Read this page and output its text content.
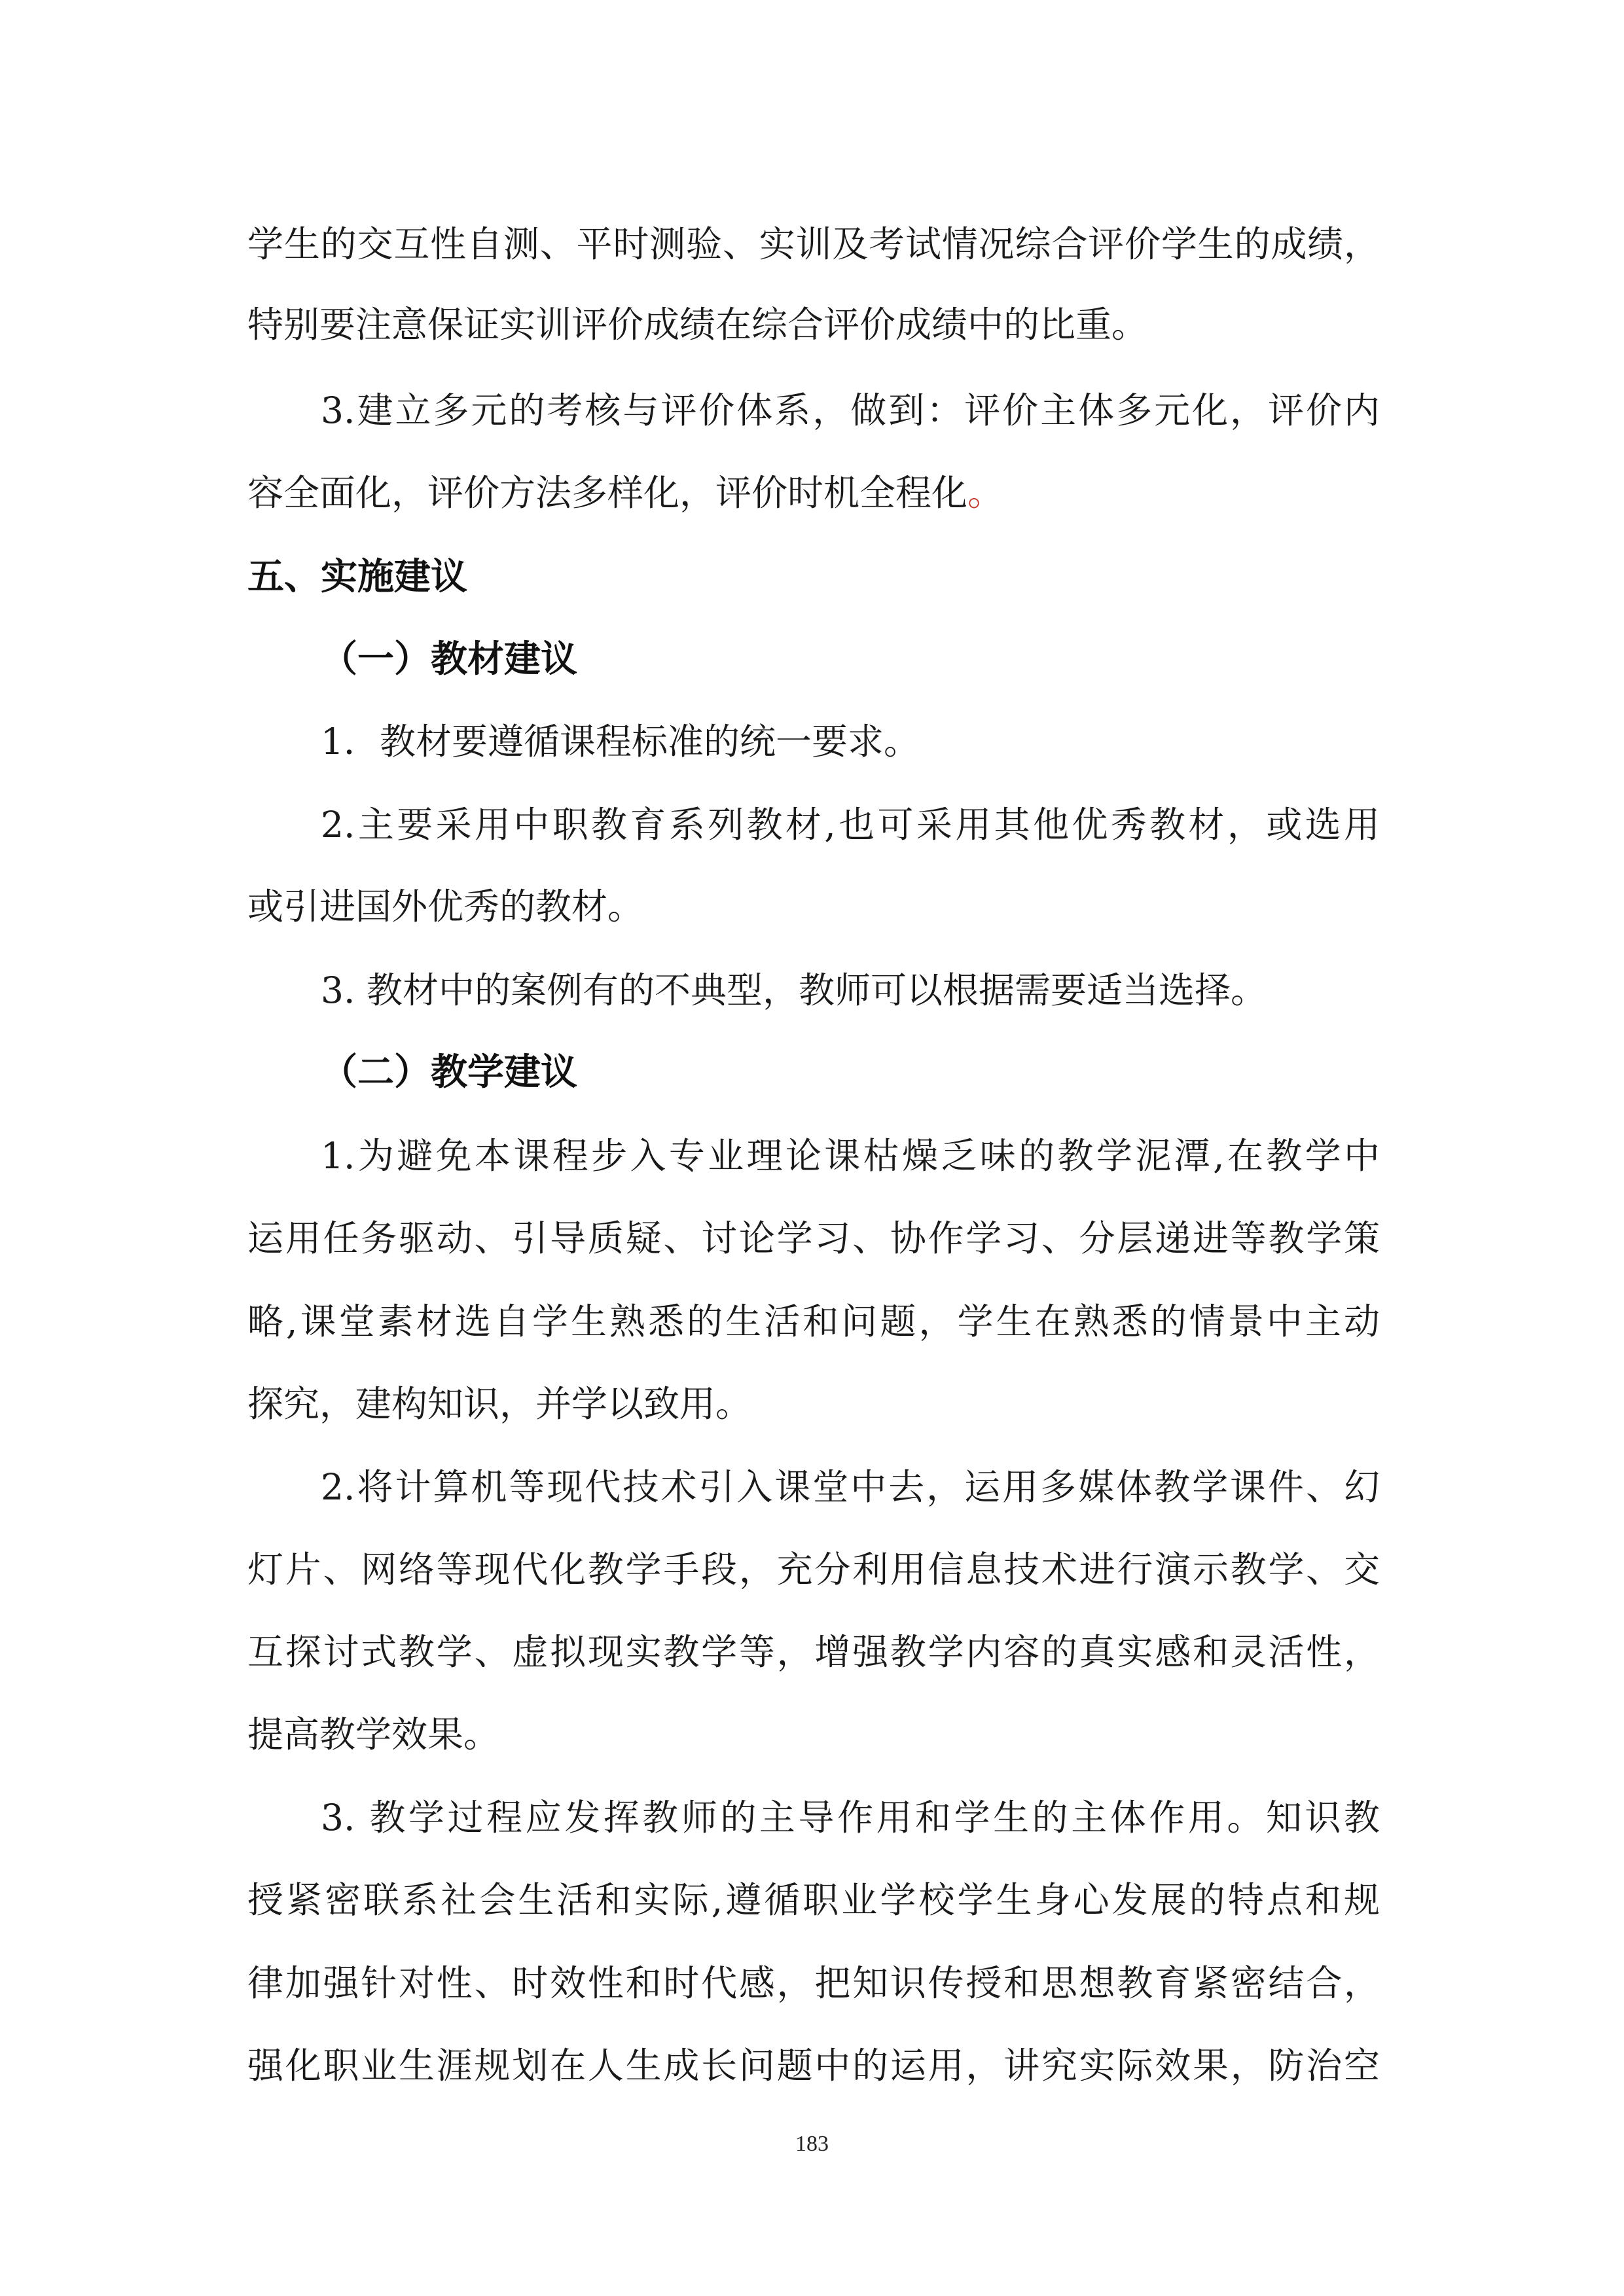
学生的交互性自测、平时测验、实训及考试情况综合评价学生的成绩，
特别要注意保证实训评价成绩在综合评价成绩中的比重。
3.建立多元的考核与评价体系，做到：评价主体多元化，评价内
容全面化，评价方法多样化，评价时机全程化。
五、实施建议
（一）教材建议
1．教材要遵循课程标准的统一要求。
2.主要采用中职教育系列教材,也可采用其他优秀教材，或选用
或引进国外优秀的教材。
3. 教材中的案例有的不典型，教师可以根据需要适当选择。
（二）教学建议
1.为避免本课程步入专业理论课枯燥乏味的教学泥潭,在教学中
运用任务驱动、引导质疑、讨论学习、协作学习、分层递进等教学策
略,课堂素材选自学生熟悉的生活和问题，学生在熟悉的情景中主动
探究，建构知识，并学以致用。
2.将计算机等现代技术引入课堂中去，运用多媒体教学课件、幻
灯片、网络等现代化教学手段，充分利用信息技术进行演示教学、交
互探讨式教学、虚拟现实教学等，增强教学内容的真实感和灵活性，
提高教学效果。
3. 教学过程应发挥教师的主导作用和学生的主体作用。知识教
授紧密联系社会生活和实际,遵循职业学校学生身心发展的特点和规
律加强针对性、时效性和时代感，把知识传授和思想教育紧密结合，
强化职业生涯规划在人生成长问题中的运用，讲究实际效果，防治空
183
